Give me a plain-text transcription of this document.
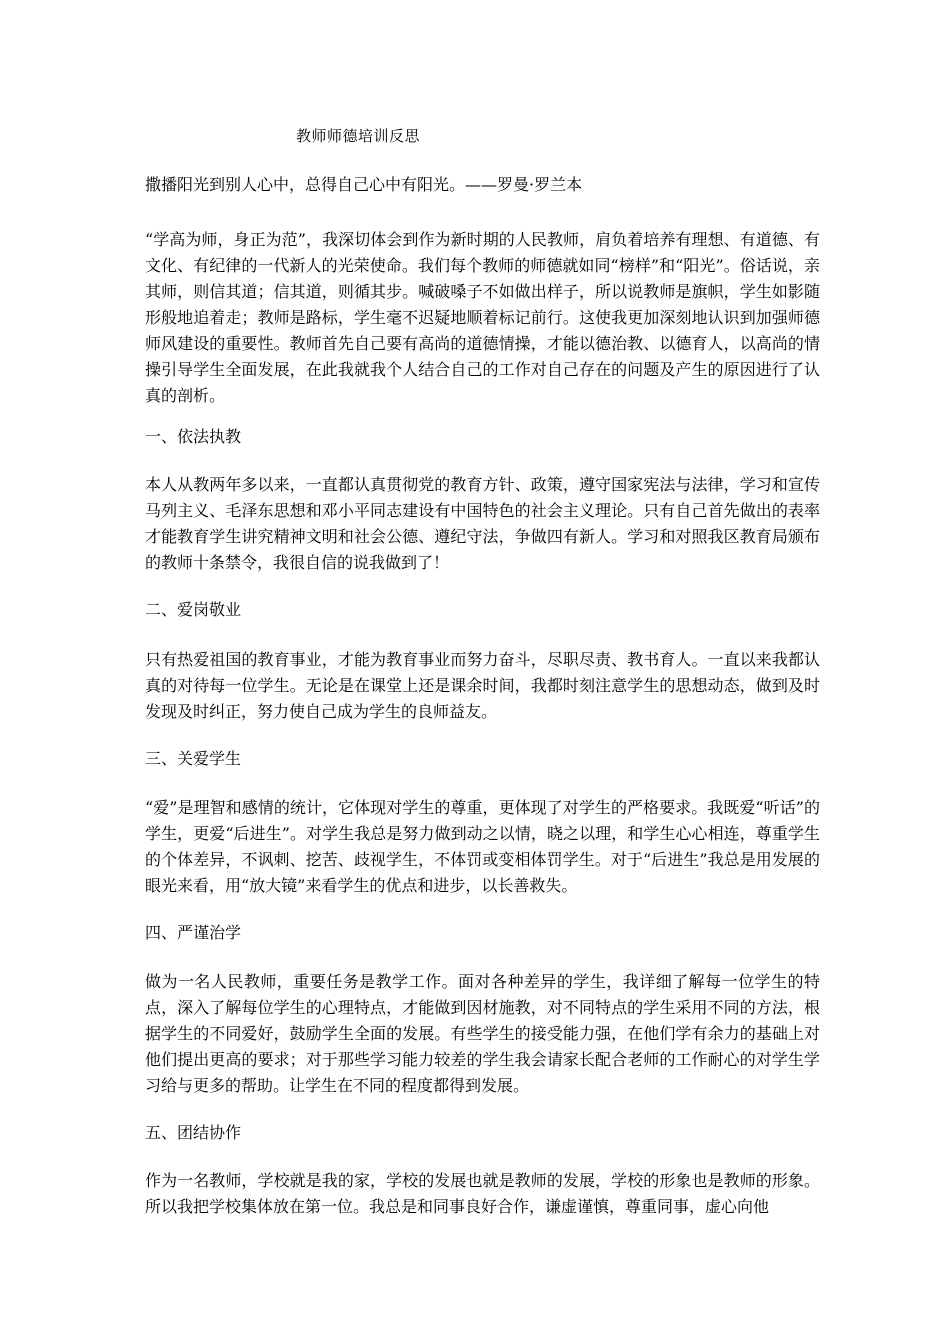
教师师德培训反思
撒播阳光到别人心中，总得自己心中有阳光。——罗曼·罗兰本
“学高为师，身正为范”，我深切体会到作为新时期的人民教师，肩负着培养有理想、有道德、有文化、有纪律的一代新人的光荣使命。我们每个教师的师德就如同“榜样”和“阳光”。俗话说，亲其师，则信其道；信其道，则循其步。喊破嗓子不如做出样子，所以说教师是旗帜，学生如影随形般地追着走；教师是路标，学生毫不迟疑地顺着标记前行。这使我更加深刻地认识到加强师德师风建设的重要性。教师首先自己要有高尚的道德情操，才能以德治教、以德育人，以高尚的情操引导学生全面发展，在此我就我个人结合自己的工作对自己存在的问题及产生的原因进行了认真的剖析。
一、依法执教
本人从教两年多以来，一直都认真贯彻党的教育方针、政策，遵守国家宪法与法律，学习和宣传马列主义、毛泽东思想和邓小平同志建设有中国特色的社会主义理论。只有自己首先做出的表率才能教育学生讲究精神文明和社会公德、遵纪守法，争做四有新人。学习和对照我区教育局颁布的教师十条禁令，我很自信的说我做到了！
二、爱岗敬业
只有热爱祖国的教育事业，才能为教育事业而努力奋斗，尽职尽责、教书育人。一直以来我都认真的对待每一位学生。无论是在课堂上还是课余时间，我都时刻注意学生的思想动态，做到及时发现及时纠正，努力使自己成为学生的良师益友。
三、关爱学生
“爱”是理智和感情的统计，它体现对学生的尊重，更体现了对学生的严格要求。我既爱“听话”的学生，更爱“后进生”。对学生我总是努力做到动之以情，晓之以理，和学生心心相连，尊重学生的个体差异，不讽刺、挖苦、歧视学生，不体罚或变相体罚学生。对于“后进生”我总是用发展的眼光来看，用“放大镜”来看学生的优点和进步，以长善救失。
四、严谨治学
做为一名人民教师，重要任务是教学工作。面对各种差异的学生，我详细了解每一位学生的特点，深入了解每位学生的心理特点，才能做到因材施教，对不同特点的学生采用不同的方法，根据学生的不同爱好，鼓励学生全面的发展。有些学生的接受能力强，在他们学有余力的基础上对他们提出更高的要求；对于那些学习能力较差的学生我会请家长配合老师的工作耐心的对学生学习给与更多的帮助。让学生在不同的程度都得到发展。
五、团结协作
作为一名教师，学校就是我的家，学校的发展也就是教师的发展，学校的形象也是教师的形象。所以我把学校集体放在第一位。我总是和同事良好合作，谦虚谨慎，尊重同事，虚心向他
